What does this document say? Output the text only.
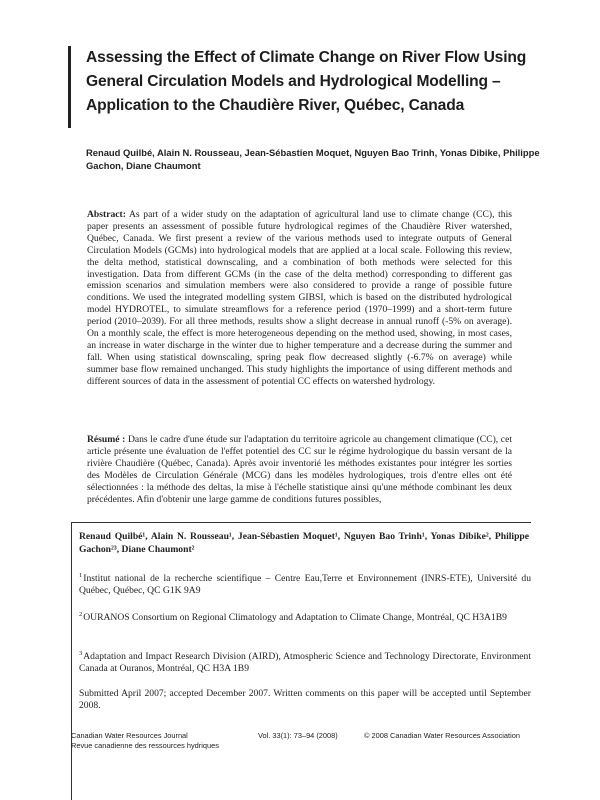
Assessing the Effect of Climate Change on River Flow Using General Circulation Models and Hydrological Modelling – Application to the Chaudière River, Québec, Canada
Renaud Quilbé, Alain N. Rousseau, Jean-Sébastien Moquet, Nguyen Bao Trinh, Yonas Dibike, Philippe Gachon, Diane Chaumont
Abstract: As part of a wider study on the adaptation of agricultural land use to climate change (CC), this paper presents an assessment of possible future hydrological regimes of the Chaudière River watershed, Québec, Canada. We first present a review of the various methods used to integrate outputs of General Circulation Models (GCMs) into hydrological models that are applied at a local scale. Following this review, the delta method, statistical downscaling, and a combination of both methods were selected for this investigation. Data from different GCMs (in the case of the delta method) corresponding to different gas emission scenarios and simulation members were also considered to provide a range of possible future conditions. We used the integrated modelling system GIBSI, which is based on the distributed hydrological model HYDROTEL, to simulate streamflows for a reference period (1970–1999) and a short-term future period (2010–2039). For all three methods, results show a slight decrease in annual runoff (-5% on average). On a monthly scale, the effect is more heterogeneous depending on the method used, showing, in most cases, an increase in water discharge in the winter due to higher temperature and a decrease during the summer and fall. When using statistical downscaling, spring peak flow decreased slightly (-6.7% on average) while summer base flow remained unchanged. This study highlights the importance of using different methods and different sources of data in the assessment of potential CC effects on watershed hydrology.
Résumé : Dans le cadre d'une étude sur l'adaptation du territoire agricole au changement climatique (CC), cet article présente une évaluation de l'effet potentiel des CC sur le régime hydrologique du bassin versant de la rivière Chaudière (Québec, Canada). Après avoir inventorié les méthodes existantes pour intégrer les sorties des Modèles de Circulation Générale (MCG) dans les modèles hydrologiques, trois d'entre elles ont été sélectionnées : la méthode des deltas, la mise à l'échelle statistique ainsi qu'une méthode combinant les deux précédentes. Afin d'obtenir une large gamme de conditions futures possibles,
Renaud Quilbé¹, Alain N. Rousseau¹, Jean-Sébastien Moquet¹, Nguyen Bao Trinh¹, Yonas Dibike², Philippe Gachon²³, Diane Chaumont²
$^1$Institut national de la recherche scientifique – Centre Eau,Terre et Environnement (INRS-ETE), Université du Québec, Québec, QC G1K 9A9
$^2$OURANOS Consortium on Regional Climatology and Adaptation to Climate Change, Montréal, QC H3A1B9
$^3$Adaptation and Impact Research Division (AIRD), Atmospheric Science and Technology Directorate, Environment Canada at Ouranos, Montréal, QC H3A 1B9
Submitted April 2007; accepted December 2007. Written comments on this paper will be accepted until September 2008.
Canadian Water Resources Journal
Revue canadienne des ressources hydriques
Vol. 33(1): 73–94 (2008)	© 2008 Canadian Water Resources Association
